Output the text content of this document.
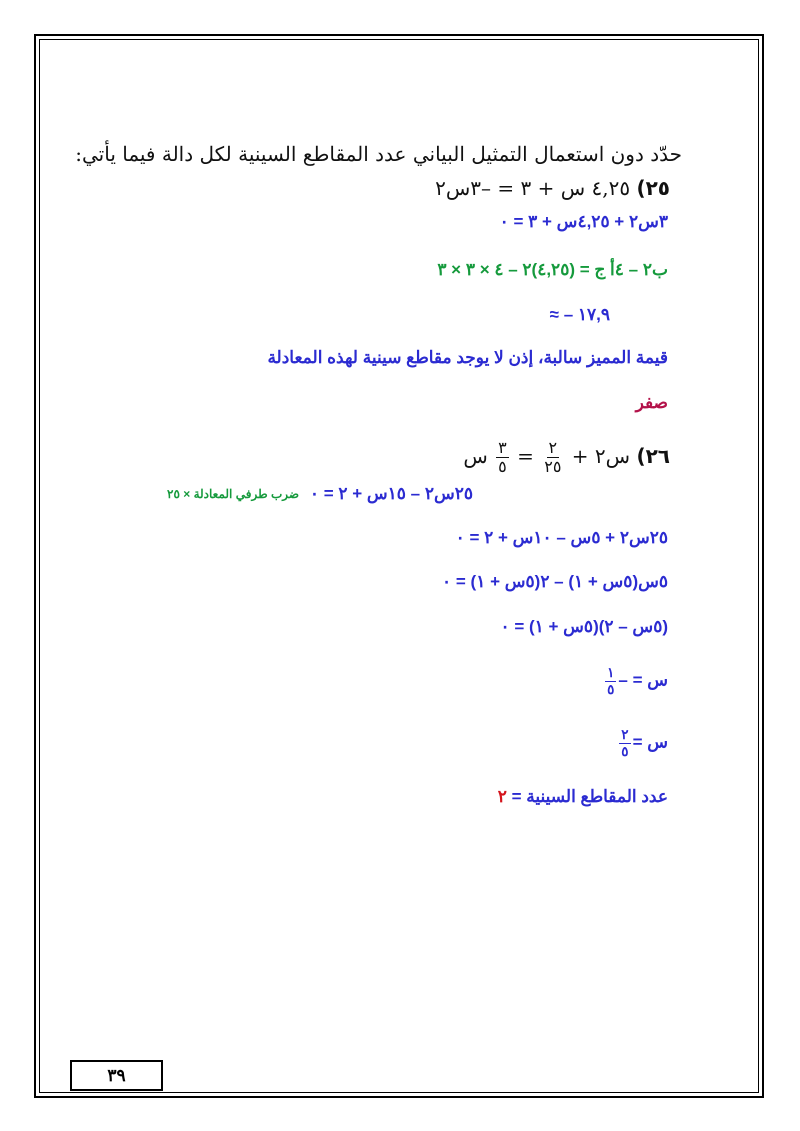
حدّد دون استعمال التمثيل البياني عدد المقاطع السينية لكل دالة فيما يأتي:
٢٥) ٤,٢٥ س + ٣ = –٣س٢
٣س٢ + ٤,٢٥س + ٣ = ٠
ب٢ – ٤أ ج = (٤,٢٥)٢ – ٤ × ٣ × ٣
≈ – ١٧,٩
قيمة المميز سالبة، إذن لا يوجد مقاطع سينية لهذه المعادلة
صفر
٢٦) س٢ +
$\frac{٢}{٢٥}$
=
$\frac{٣}{٥}$
س
ضرب طرفي المعادلة × ٢٥ ٢٥س٢ – ١٥س + ٢ = ٠
٢٥س٢ + ٥س – ١٠س + ٢ = ٠
٥س(٥س + ١) – ٢(٥س + ١) = ٠
(٥س – ٢)(٥س + ١) = ٠
س = –
$\frac{١}{٥}$
س =
$\frac{٢}{٥}$
عدد المقاطع السينية = ٢
٣٩
